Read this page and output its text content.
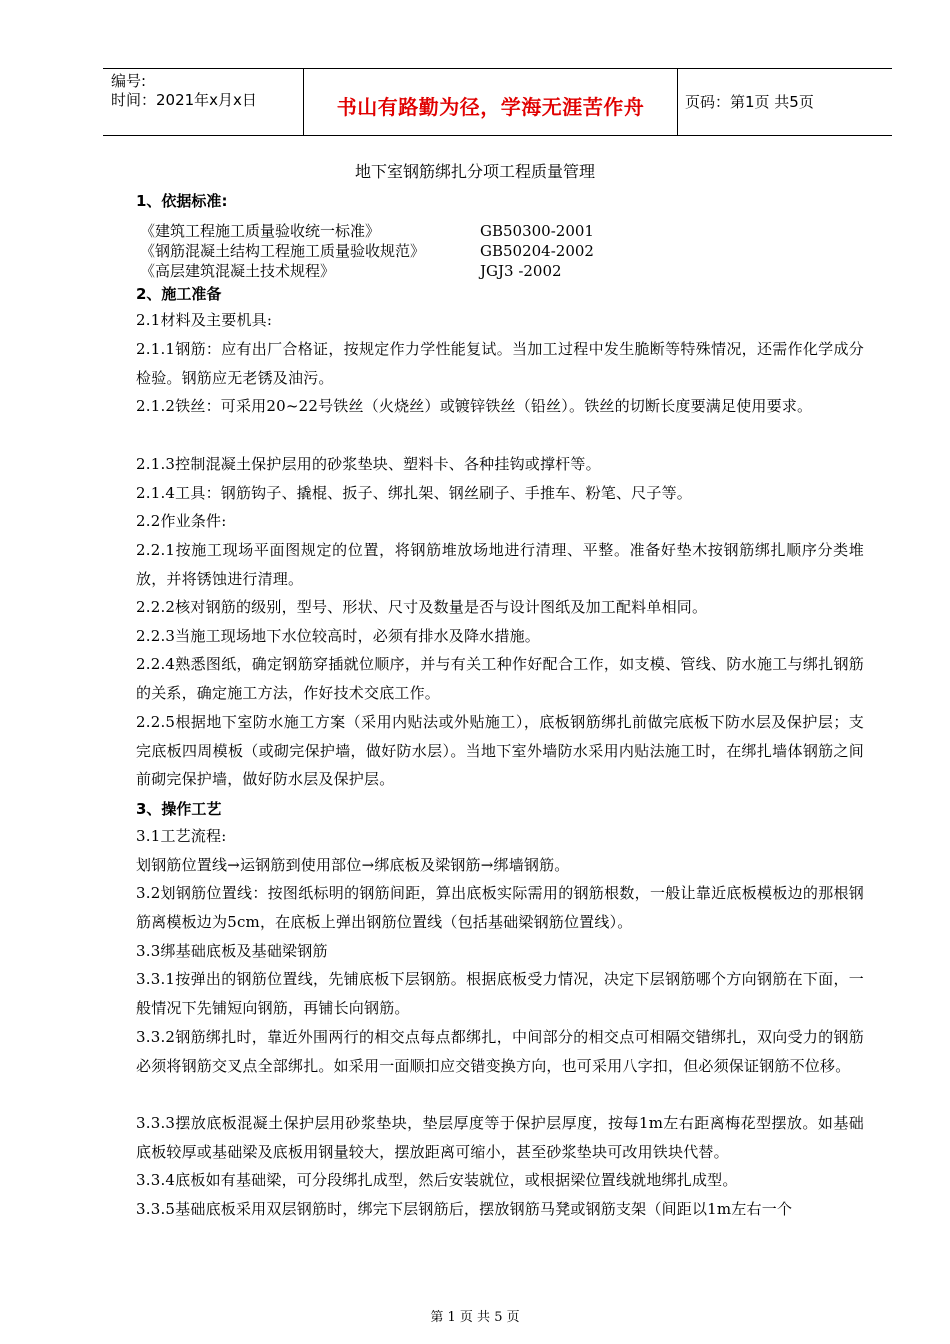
编号:
时间：2021年x月x日	书山有路勤为径，学海无涯苦作舟	页码：第1页 共5页
地下室钢筋绑扎分项工程质量管理
1、依据标准:
《建筑工程施工质量验收统一标准》	GB50300-2001
《钢筋混凝土结构工程施工质量验收规范》	GB50204-2002
《高层建筑混凝土技术规程》	JGJ3 -2002
2、施工准备
2.1材料及主要机具:
2.1.1钢筋：应有出厂合格证，按规定作力学性能复试。当加工过程中发生脆断等特殊情况，还需作化学成分检验。钢筋应无老锈及油污。
2.1.2铁丝：可采用20~22号铁丝（火烧丝）或镀锌铁丝（铅丝）。铁丝的切断长度要满足使用要求。
2.1.3控制混凝土保护层用的砂浆垫块、塑料卡、各种挂钩或撑杆等。
2.1.4工具：钢筋钩子、撬棍、扳子、绑扎架、钢丝刷子、手推车、粉笔、尺子等。
2.2作业条件:
2.2.1按施工现场平面图规定的位置，将钢筋堆放场地进行清理、平整。准备好垫木按钢筋绑扎顺序分类堆放，并将锈蚀进行清理。
2.2.2核对钢筋的级别，型号、形状、尺寸及数量是否与设计图纸及加工配料单相同。
2.2.3当施工现场地下水位较高时，必须有排水及降水措施。
2.2.4熟悉图纸，确定钢筋穿插就位顺序，并与有关工种作好配合工作，如支模、管线、防水施工与绑扎钢筋的关系，确定施工方法，作好技术交底工作。
2.2.5根据地下室防水施工方案（采用内贴法或外贴施工），底板钢筋绑扎前做完底板下防水层及保护层；支完底板四周模板（或砌完保护墙，做好防水层）。当地下室外墙防水采用内贴法施工时，在绑扎墙体钢筋之间前砌完保护墙，做好防水层及保护层。
3、操作工艺
3.1工艺流程:
划钢筋位置线→运钢筋到使用部位→绑底板及梁钢筋→绑墙钢筋。
3.2划钢筋位置线：按图纸标明的钢筋间距，算出底板实际需用的钢筋根数，一般让靠近底板模板边的那根钢筋离模板边为5cm，在底板上弹出钢筋位置线（包括基础梁钢筋位置线）。
3.3绑基础底板及基础梁钢筋
3.3.1按弹出的钢筋位置线，先铺底板下层钢筋。根据底板受力情况，决定下层钢筋哪个方向钢筋在下面，一般情况下先铺短向钢筋，再铺长向钢筋。
3.3.2钢筋绑扎时，靠近外围两行的相交点每点都绑扎，中间部分的相交点可相隔交错绑扎，双向受力的钢筋必须将钢筋交叉点全部绑扎。如采用一面顺扣应交错变换方向，也可采用八字扣，但必须保证钢筋不位移。
3.3.3摆放底板混凝土保护层用砂浆垫块，垫层厚度等于保护层厚度，按每1m左右距离梅花型摆放。如基础底板较厚或基础梁及底板用钢量较大，摆放距离可缩小，甚至砂浆垫块可改用铁块代替。
3.3.4底板如有基础梁，可分段绑扎成型，然后安装就位，或根据梁位置线就地绑扎成型。
3.3.5基础底板采用双层钢筋时，绑完下层钢筋后，摆放钢筋马凳或钢筋支架（间距以1m左右一个
第 1 页 共 5 页
